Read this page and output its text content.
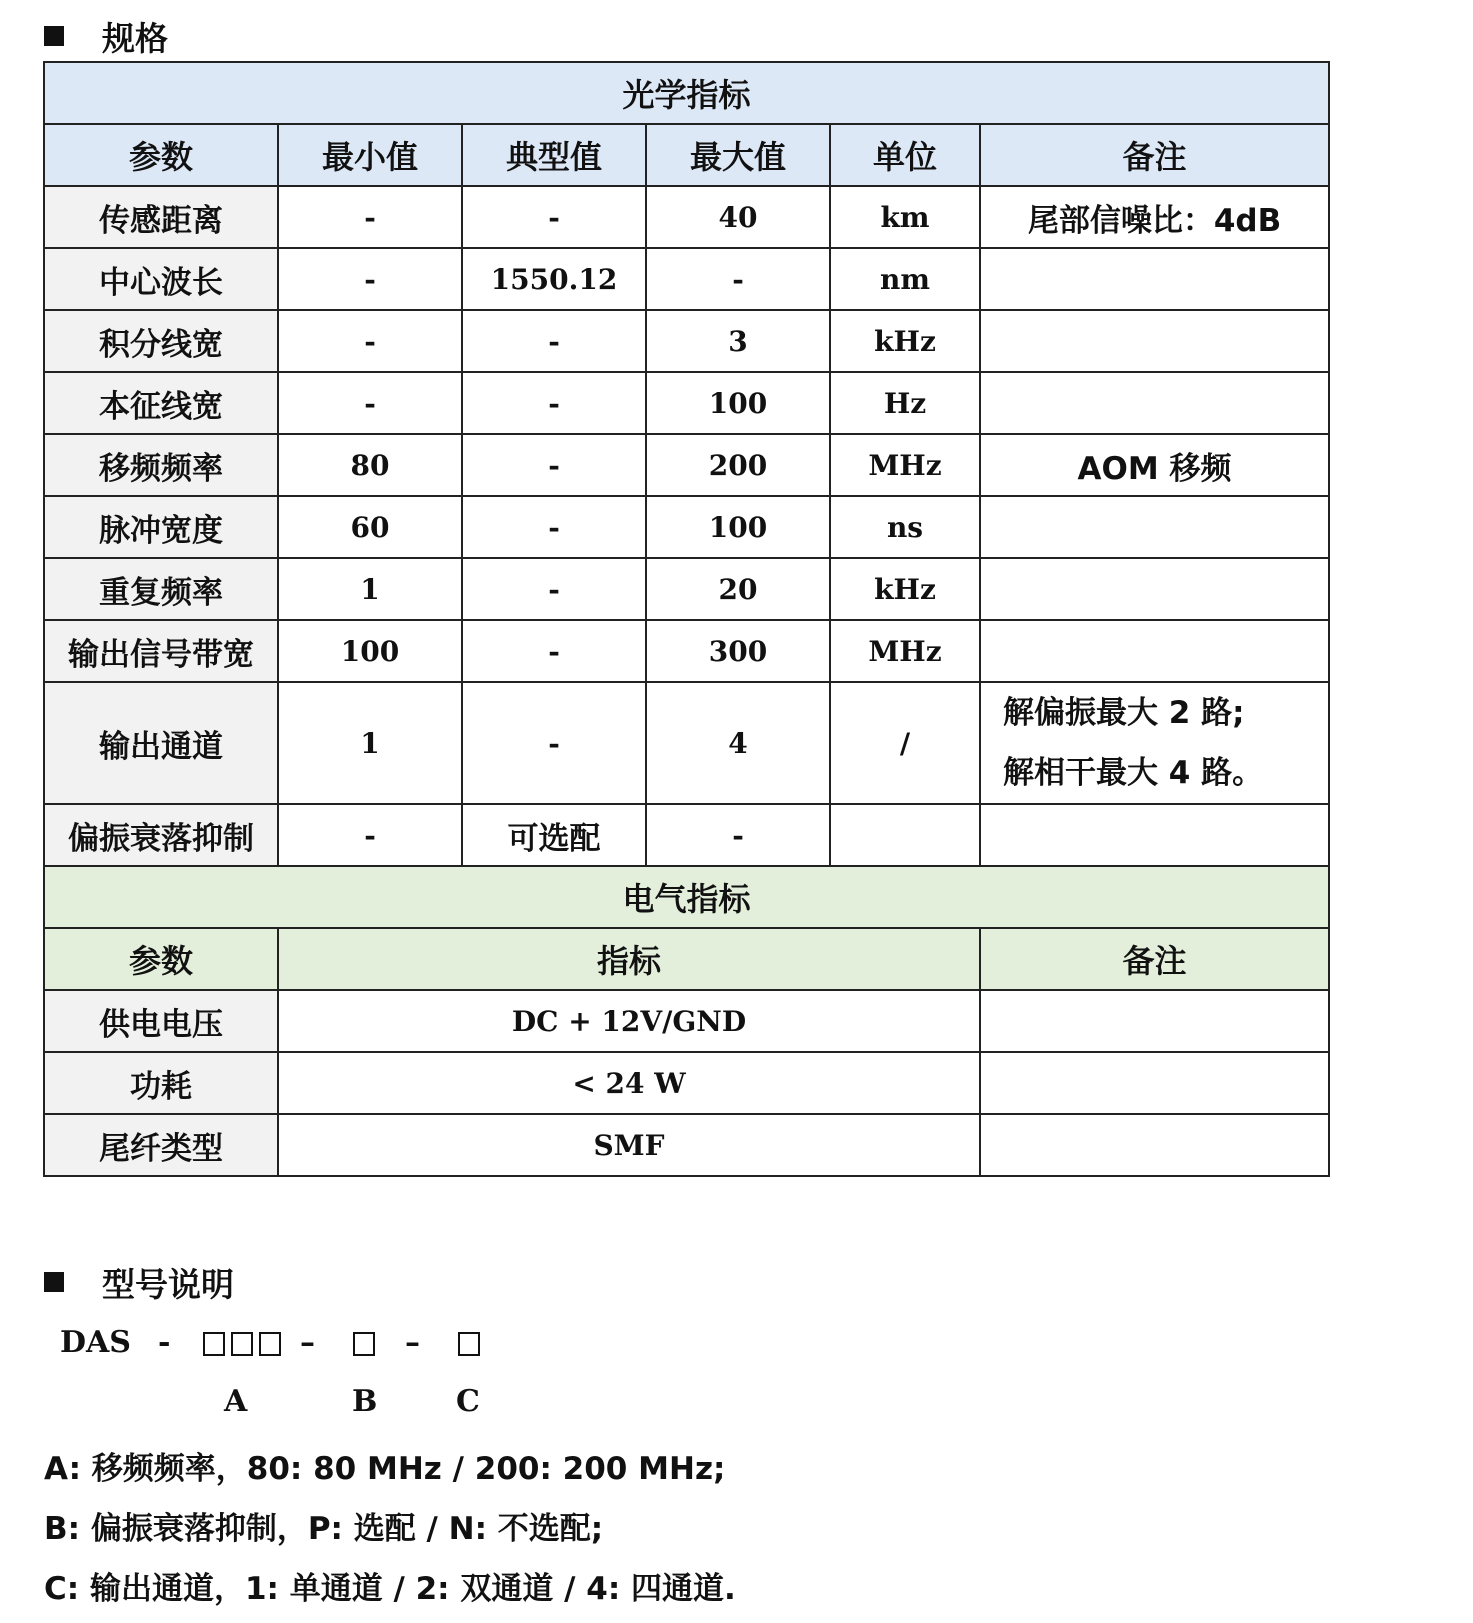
规格
光学指标					
参数	最小值	典型值	最大值	单位	备注
传感距离	-	-	40	km	尾部信噪比：4dB
中心波长	-	1550.12	-	nm	
积分线宽	-	-	3	kHz	
本征线宽	-	-	100	Hz	
移频频率	80	-	200	MHz	AOM 移频
脉冲宽度	60	-	100	ns	
重复频率	1	-	20	kHz	
输出信号带宽	100	-	300	MHz	
输出通道	1	-	4	/	解偏振最大 2 路;
解相干最大 4 路。

偏振衰落抑制	-	可选配	-		
电气指标					
参数	指标				备注
供电电压	DC + 12V/GND				
功耗	< 24 W				
尾纤类型	SMF				
型号说明
DAS -	–	–
A	B	C
A: 移频频率，80: 80 MHz / 200: 200 MHz;
B: 偏振衰落抑制，P: 选配 / N: 不选配;
C: 输出通道，1: 单通道 / 2: 双通道 / 4: 四通道.
